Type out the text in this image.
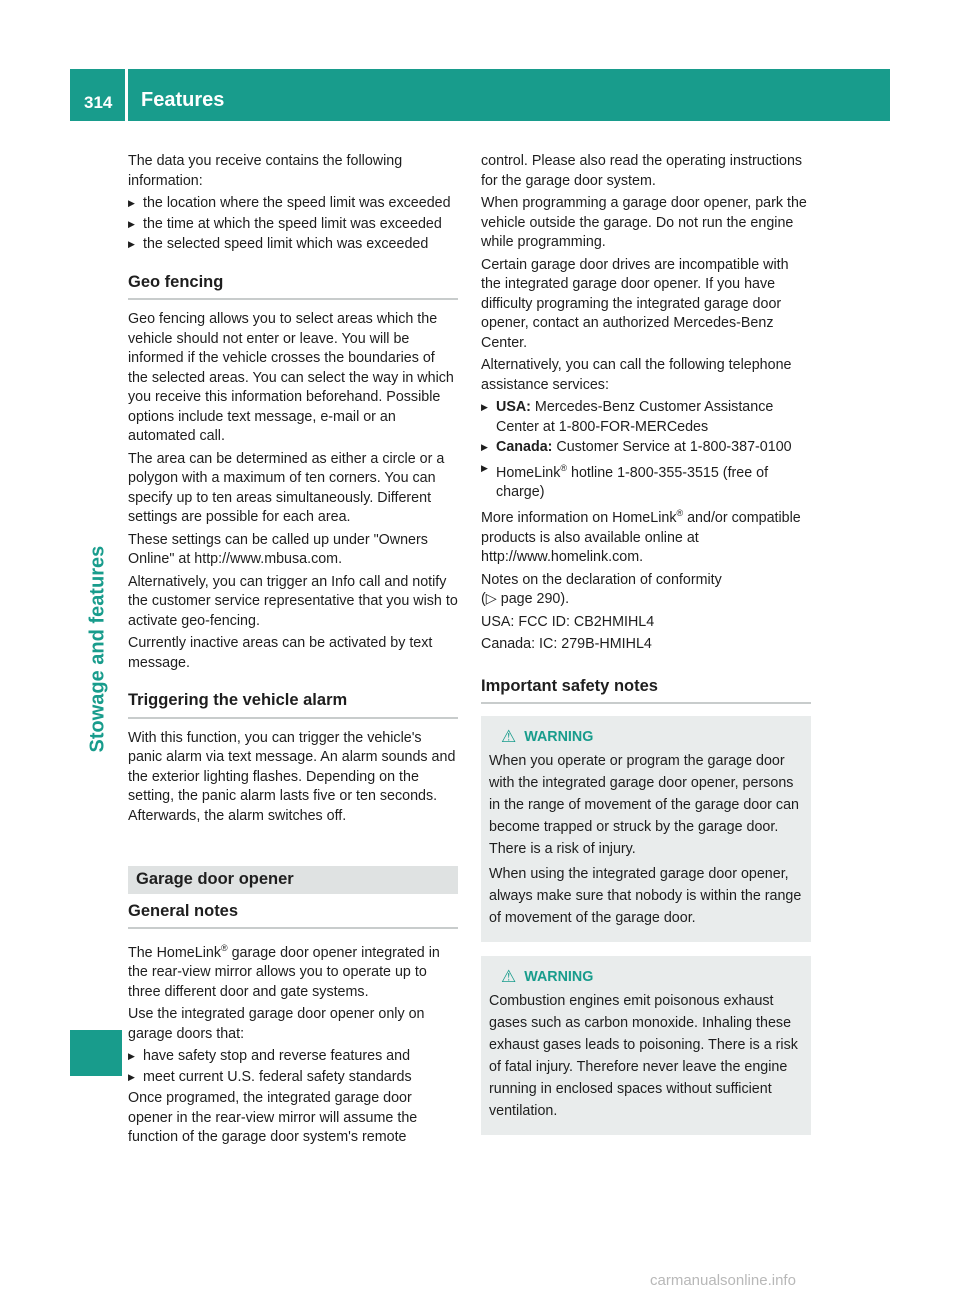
314 Features
Stowage and features

The data you receive contains the following information:

▶ the location where the speed limit was exceeded
▶ the time at which the speed limit was exceeded
▶ the selected speed limit which was exceeded
Geo fencing

Geo fencing allows you to select areas which the vehicle should not enter or leave. You will be informed if the vehicle crosses the boundaries of the selected areas. You can select the way in which you receive this information beforehand. Possible options include text message, e-mail or an automated call.

The area can be determined as either a circle or a polygon with a maximum of ten corners. You can specify up to ten areas simultaneously. Different settings are possible for each area.

These settings can be called up under "Owners Online" at http://www.mbusa.com.

Alternatively, you can trigger an Info call and notify the customer service representative that you wish to activate geo-fencing.

Currently inactive areas can be activated by text message.

Triggering the vehicle alarm

With this function, you can trigger the vehicle's panic alarm via text message. An alarm sounds and the exterior lighting flashes. Depending on the setting, the panic alarm lasts five or ten seconds. Afterwards, the alarm switches off.

Garage door opener
General notes

The HomeLink® garage door opener integrated in the rear-view mirror allows you to operate up to three different door and gate systems.

Use the integrated garage door opener only on garage doors that:

▶ have safety stop and reverse features and
▶ meet current U.S. federal safety standards

Once programed, the integrated garage door opener in the rear-view mirror will assume the function of the garage door system's remote

control. Please also read the operating instructions for the garage door system.

When programming a garage door opener, park the vehicle outside the garage. Do not run the engine while programming.

Certain garage door drives are incompatible with the integrated garage door opener. If you have difficulty programing the integrated garage door opener, contact an authorized Mercedes-Benz Center.

Alternatively, you can call the following telephone assistance services:

▶ USA: Mercedes-Benz Customer Assistance Center at 1-800-FOR-MERCedes
▶ Canada: Customer Service at 1-800-387-0100
▶ HomeLink® hotline 1-800-355-3515 (free of charge)

More information on HomeLink® and/or compatible products is also available online at http://www.homelink.com.

Notes on the declaration of conformity
(▷ page 290).

USA: FCC ID: CB2HMIHL4

Canada: IC: 279B-HMIHL4

Important safety notes
⚠ WARNING

When you operate or program the garage door with the integrated garage door opener, persons in the range of movement of the garage door can become trapped or struck by the garage door. There is a risk of injury.

When using the integrated garage door opener, always make sure that nobody is within the range of movement of the garage door.

⚠ WARNING

Combustion engines emit poisonous exhaust gases such as carbon monoxide. Inhaling these exhaust gases leads to poisoning. There is a risk of fatal injury. Therefore never leave the engine running in enclosed spaces without sufficient ventilation.

carmanualsonline.info
